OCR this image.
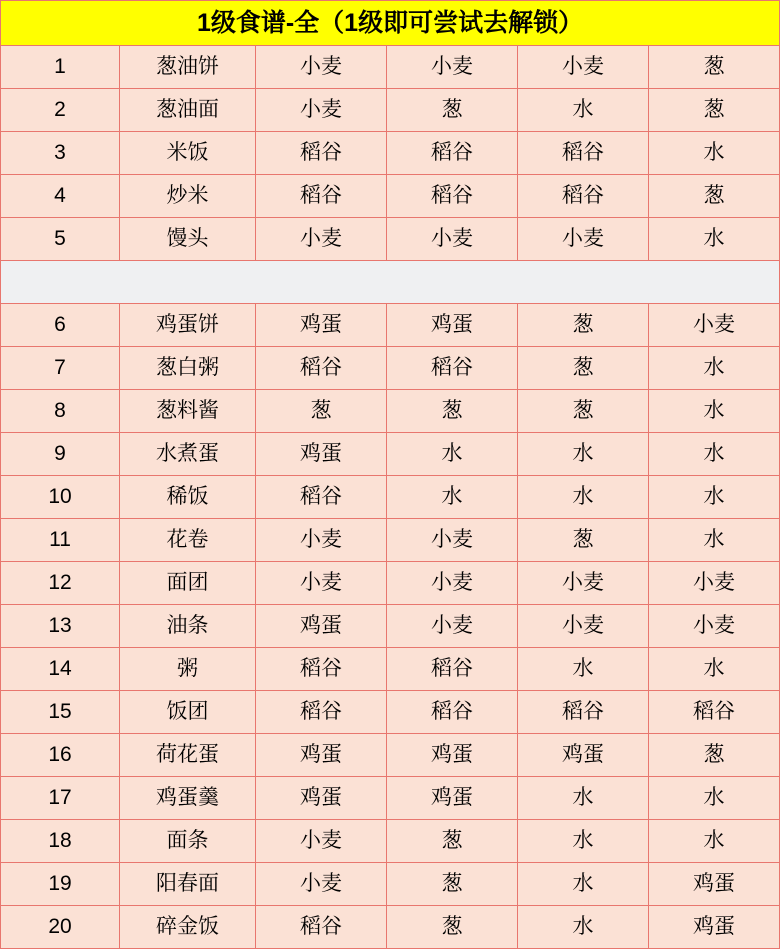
1级食谱-全（1级即可尝试去解锁）					
1	葱油饼	小麦	小麦	小麦	葱
2	葱油面	小麦	葱	水	葱
3	米饭	稻谷	稻谷	稻谷	水
4	炒米	稻谷	稻谷	稻谷	葱
5	馒头	小麦	小麦	小麦	水

6	鸡蛋饼	鸡蛋	鸡蛋	葱	小麦
7	葱白粥	稻谷	稻谷	葱	水
8	葱料酱	葱	葱	葱	水
9	水煮蛋	鸡蛋	水	水	水
10	稀饭	稻谷	水	水	水
11	花卷	小麦	小麦	葱	水
12	面团	小麦	小麦	小麦	小麦
13	油条	鸡蛋	小麦	小麦	小麦
14	粥	稻谷	稻谷	水	水
15	饭团	稻谷	稻谷	稻谷	稻谷
16	荷花蛋	鸡蛋	鸡蛋	鸡蛋	葱
17	鸡蛋羹	鸡蛋	鸡蛋	水	水
18	面条	小麦	葱	水	水
19	阳春面	小麦	葱	水	鸡蛋
20	碎金饭	稻谷	葱	水	鸡蛋
